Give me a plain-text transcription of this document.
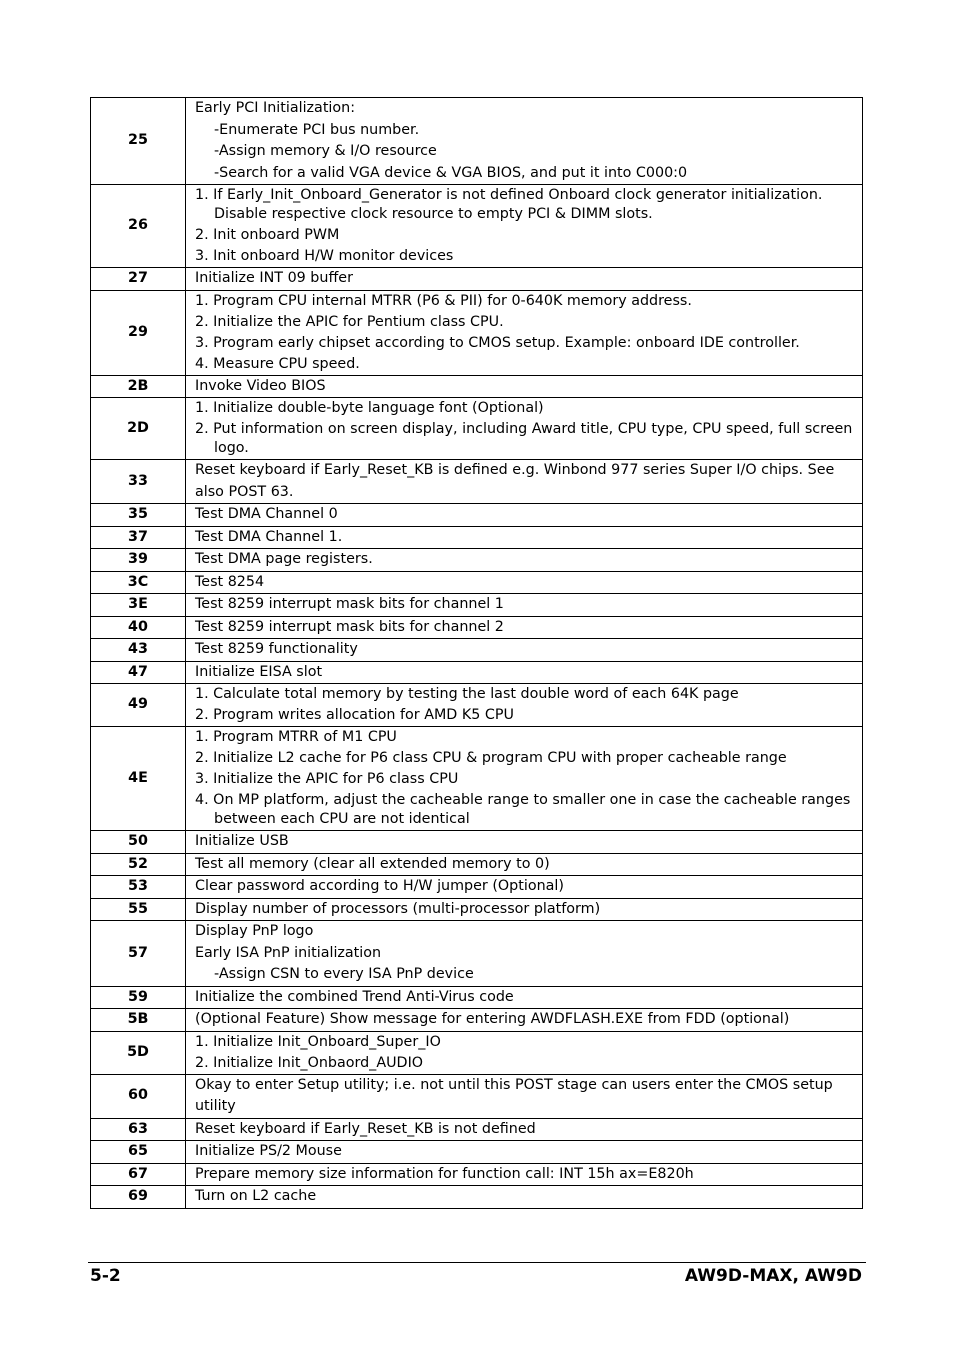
25	Early PCI Initialization:
-Enumerate PCI bus number.
-Assign memory & I/O resource
-Search for a valid VGA device & VGA BIOS, and put it into C000:0

26	1. If Early_Init_Onboard_Generator is not defined Onboard clock generator initialization. Disable respective clock resource to empty PCI & DIMM slots.
2. Init onboard PWM
3. Init onboard H/W monitor devices

27	Initialize INT 09 buffer

29	1. Program CPU internal MTRR (P6 & PII) for 0-640K memory address.
2. Initialize the APIC for Pentium class CPU.
3. Program early chipset according to CMOS setup. Example: onboard IDE controller.
4. Measure CPU speed.

2B	Invoke Video BIOS

2D	1. Initialize double-byte language font (Optional)
2. Put information on screen display, including Award title, CPU type, CPU speed, full screen logo.

33	Reset keyboard if Early_Reset_KB is defined e.g. Winbond 977 series Super I/O chips. See also POST 63.

35	Test DMA Channel 0

37	Test DMA Channel 1.

39	Test DMA page registers.

3C	Test 8254

3E	Test 8259 interrupt mask bits for channel 1

40	Test 8259 interrupt mask bits for channel 2

43	Test 8259 functionality

47	Initialize EISA slot

49	1. Calculate total memory by testing the last double word of each 64K page
2. Program writes allocation for AMD K5 CPU

4E	1. Program MTRR of M1 CPU
2. Initialize L2 cache for P6 class CPU & program CPU with proper cacheable range
3. Initialize the APIC for P6 class CPU
4. On MP platform, adjust the cacheable range to smaller one in case the cacheable ranges between each CPU are not identical

50	Initialize USB

52	Test all memory (clear all extended memory to 0)

53	Clear password according to H/W jumper (Optional)

55	Display number of processors (multi-processor platform)

57	Display PnP logo
Early ISA PnP initialization
-Assign CSN to every ISA PnP device

59	Initialize the combined Trend Anti-Virus code

5B	(Optional Feature) Show message for entering AWDFLASH.EXE from FDD (optional)

5D	1. Initialize Init_Onboard_Super_IO
2. Initialize Init_Onbaord_AUDIO

60	Okay to enter Setup utility; i.e. not until this POST stage can users enter the CMOS setup utility

63	Reset keyboard if Early_Reset_KB is not defined

65	Initialize PS/2 Mouse

67	Prepare memory size information for function call: INT 15h ax=E820h

69	Turn on L2 cache
5-2	AW9D-MAX, AW9D
